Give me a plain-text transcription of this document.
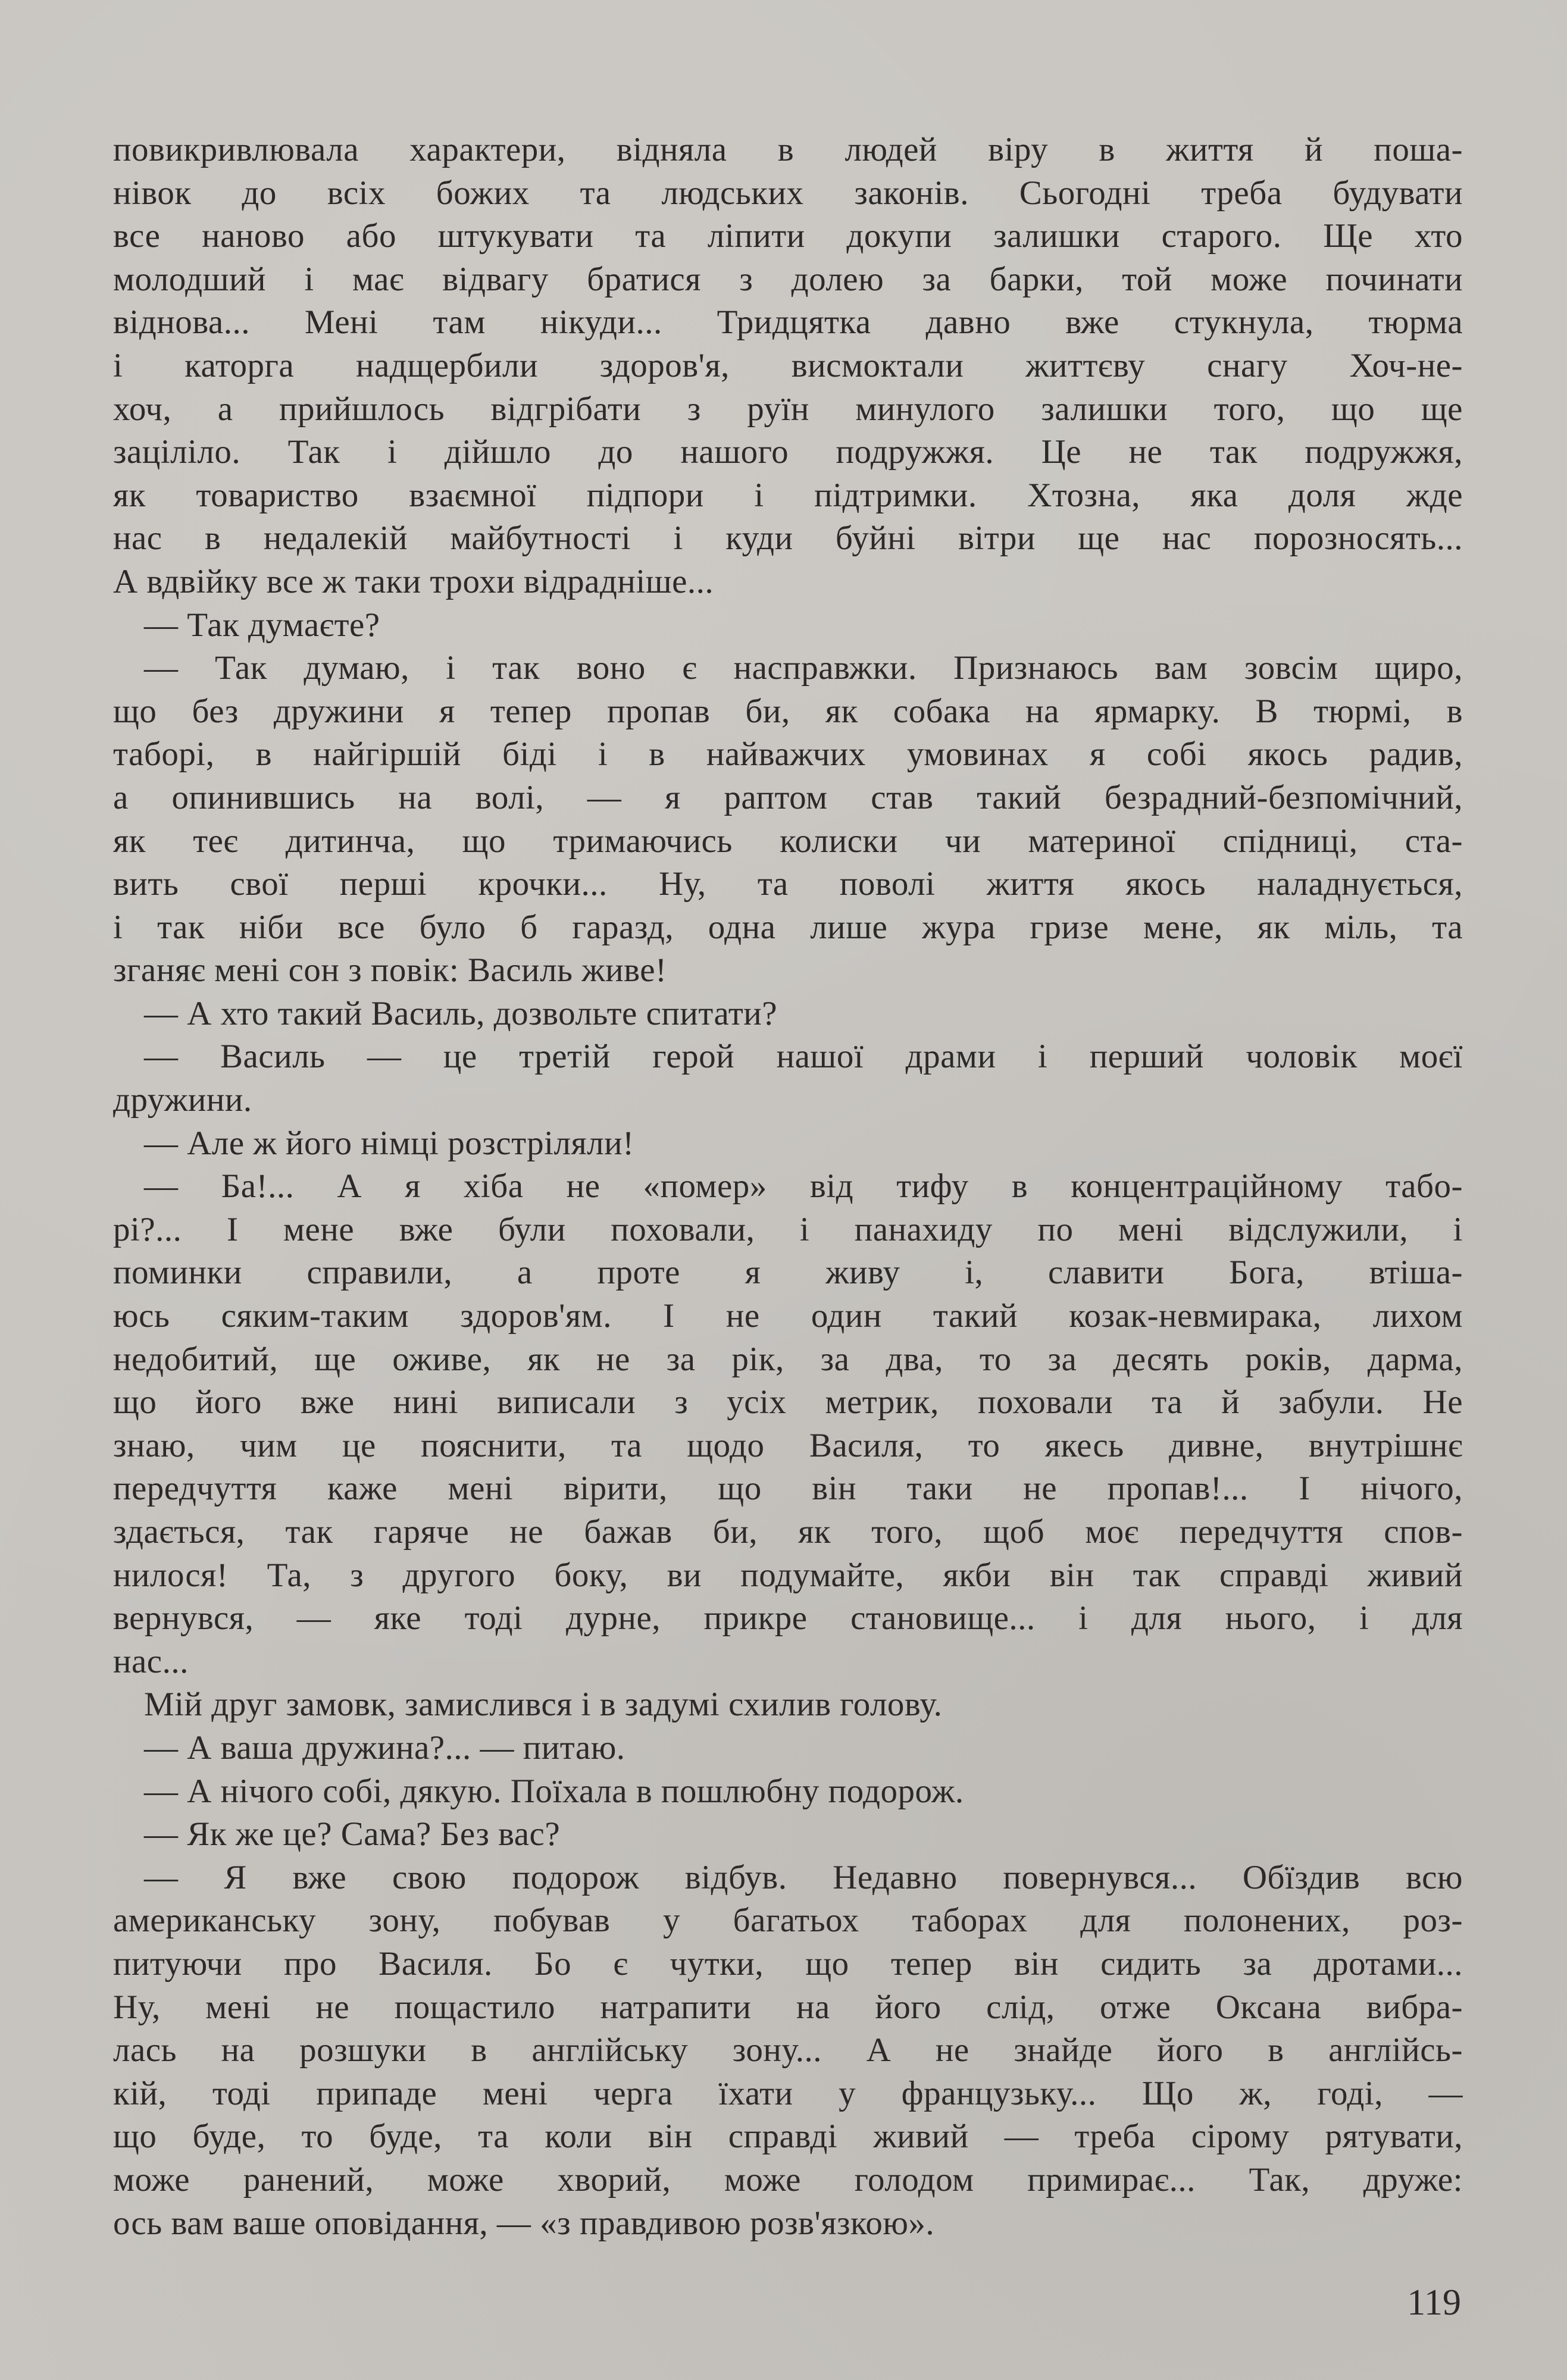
повикривлювала характери, відняла в людей віру в життя й поша-
нівок до всіх божих та людських законів. Сьогодні треба будувати
все наново або штукувати та ліпити докупи залишки старого. Ще хто
молодший і має відвагу братися з долею за барки, той може починати
віднова... Мені там нікуди... Тридцятка давно вже стукнула, тюрма
і каторга надщербили здоров'я, висмоктали життєву снагу Хоч-не-
хоч, а прийшлось відгрібати з руїн минулого залишки того, що ще
заціліло. Так і дійшло до нашого подружжя. Це не так подружжя,
як товариство взаємної підпори і підтримки. Хтозна, яка доля жде
нас в недалекій майбутності і куди буйні вітри ще нас порозносять...
А вдвійку все ж таки трохи відрадніше...
— Так думаєте?
— Так думаю, і так воно є насправжки. Признаюсь вам зовсім щиро,
що без дружини я тепер пропав би, як собака на ярмарку. В тюрмі, в
таборі, в найгіршій біді і в найважчих умовинах я собі якось радив,
а опинившись на волі, — я раптом став такий безрадний-безпомічний,
як теє дитинча, що тримаючись колиски чи материної спідниці, ста-
вить свої перші крочки... Ну, та поволі життя якось наладнується,
і так ніби все було б гаразд, одна лише жура гризе мене, як міль, та
зганяє мені сон з повік: Василь живе!
— А хто такий Василь, дозвольте спитати?
— Василь — це третій герой нашої драми і перший чоловік моєї
дружини.
— Але ж його німці розстріляли!
— Ба!... А я хіба не «помер» від тифу в концентраційному табо-
рі?... І мене вже були поховали, і панахиду по мені відслужили, і
поминки справили, а проте я живу і, славити Бога, втіша-
юсь сяким-таким здоров'ям. І не один такий козак-невмирака, лихом
недобитий, ще оживе, як не за рік, за два, то за десять років, дарма,
що його вже нині виписали з усіх метрик, поховали та й забули. Не
знаю, чим це пояснити, та щодо Василя, то якесь дивне, внутрішнє
передчуття каже мені вірити, що він таки не пропав!... І нічого,
здається, так гаряче не бажав би, як того, щоб моє передчуття спов-
нилося! Та, з другого боку, ви подумайте, якби він так справді живий
вернувся, — яке тоді дурне, прикре становище... і для нього, і для
нас...
Мій друг замовк, замислився і в задумі схилив голову.
— А ваша дружина?... — питаю.
— А нічого собі, дякую. Поїхала в пошлюбну подорож.
— Як же це? Сама? Без вас?
— Я вже свою подорож відбув. Недавно повернувся... Обїздив всю
американську зону, побував у багатьох таборах для полонених, роз-
питуючи про Василя. Бо є чутки, що тепер він сидить за дротами...
Ну, мені не пощастило натрапити на його слід, отже Оксана вибра-
лась на розшуки в англійську зону... А не знайде його в англійсь-
кій, тоді припаде мені черга їхати у французьку... Що ж, годі, —
що буде, то буде, та коли він справді живий — треба сірому рятувати,
може ранений, може хворий, може голодом примирає... Так, друже:
ось вам ваше оповідання, — «з правдивою розв'язкою».
119
